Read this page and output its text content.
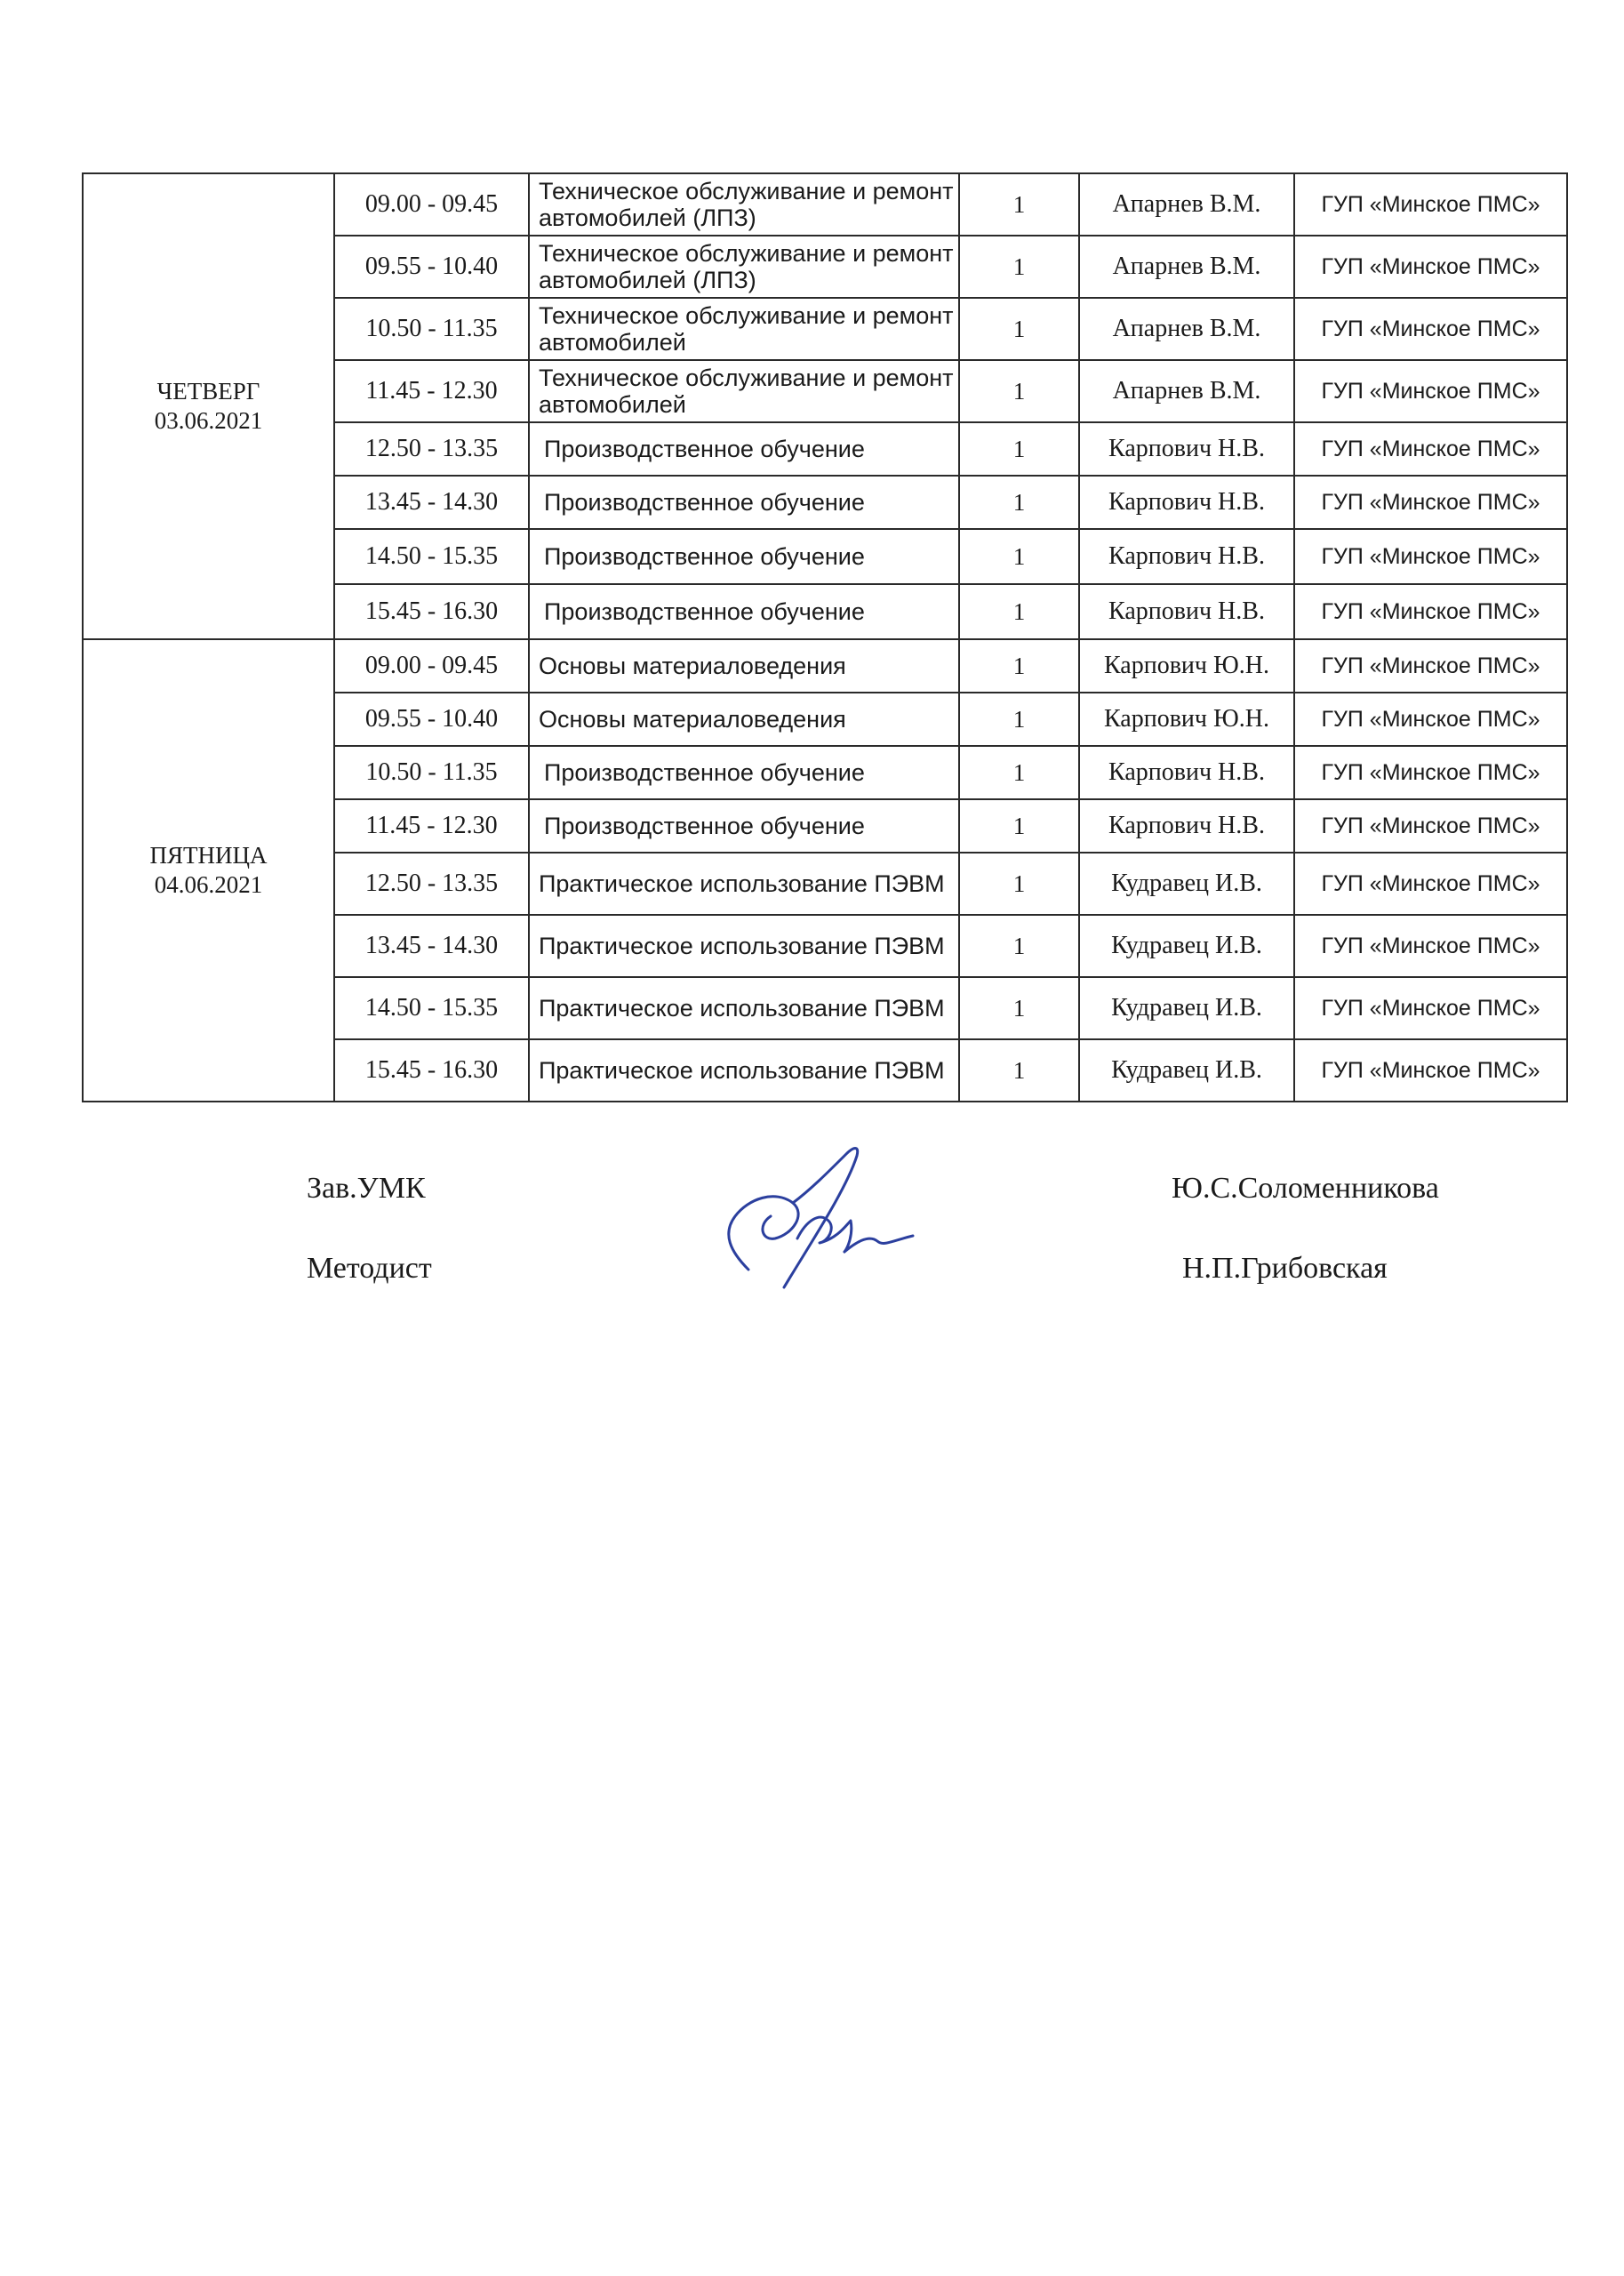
ЧЕТВЕРГ
03.06.2021	09.00 - 09.45	Техническое обслуживание и ремонт автомобилей (ЛПЗ)	1	Апарнев В.М.	ГУП «Минское ПМС»
	09.55 - 10.40	Техническое обслуживание и ремонт автомобилей (ЛПЗ)	1	Апарнев В.М.	ГУП «Минское ПМС»
	10.50 - 11.35	Техническое обслуживание и ремонт автомобилей	1	Апарнев В.М.	ГУП «Минское ПМС»
	11.45 - 12.30	Техническое обслуживание и ремонт автомобилей	1	Апарнев В.М.	ГУП «Минское ПМС»
	12.50 - 13.35	Производственное обучение	1	Карпович Н.В.	ГУП «Минское ПМС»
	13.45 - 14.30	Производственное обучение	1	Карпович Н.В.	ГУП «Минское ПМС»
	14.50 - 15.35	Производственное обучение	1	Карпович Н.В.	ГУП «Минское ПМС»
	15.45 - 16.30	Производственное обучение	1	Карпович Н.В.	ГУП «Минское ПМС»

ПЯТНИЦА
04.06.2021	09.00 - 09.45	Основы материаловедения	1	Карпович Ю.Н.	ГУП «Минское ПМС»
	09.55 - 10.40	Основы материаловедения	1	Карпович Ю.Н.	ГУП «Минское ПМС»
	10.50 - 11.35	Производственное обучение	1	Карпович Н.В.	ГУП «Минское ПМС»
	11.45 - 12.30	Производственное обучение	1	Карпович Н.В.	ГУП «Минское ПМС»
	12.50 - 13.35	Практическое использование ПЭВМ	1	Кудравец И.В.	ГУП «Минское ПМС»
	13.45 - 14.30	Практическое использование ПЭВМ	1	Кудравец И.В.	ГУП «Минское ПМС»
	14.50 - 15.35	Практическое использование ПЭВМ	1	Кудравец И.В.	ГУП «Минское ПМС»
	15.45 - 16.30	Практическое использование ПЭВМ	1	Кудравец И.В.	ГУП «Минское ПМС»
Зав.УМК	Ю.С.Соломенникова
Методист	Н.П.Грибовская
